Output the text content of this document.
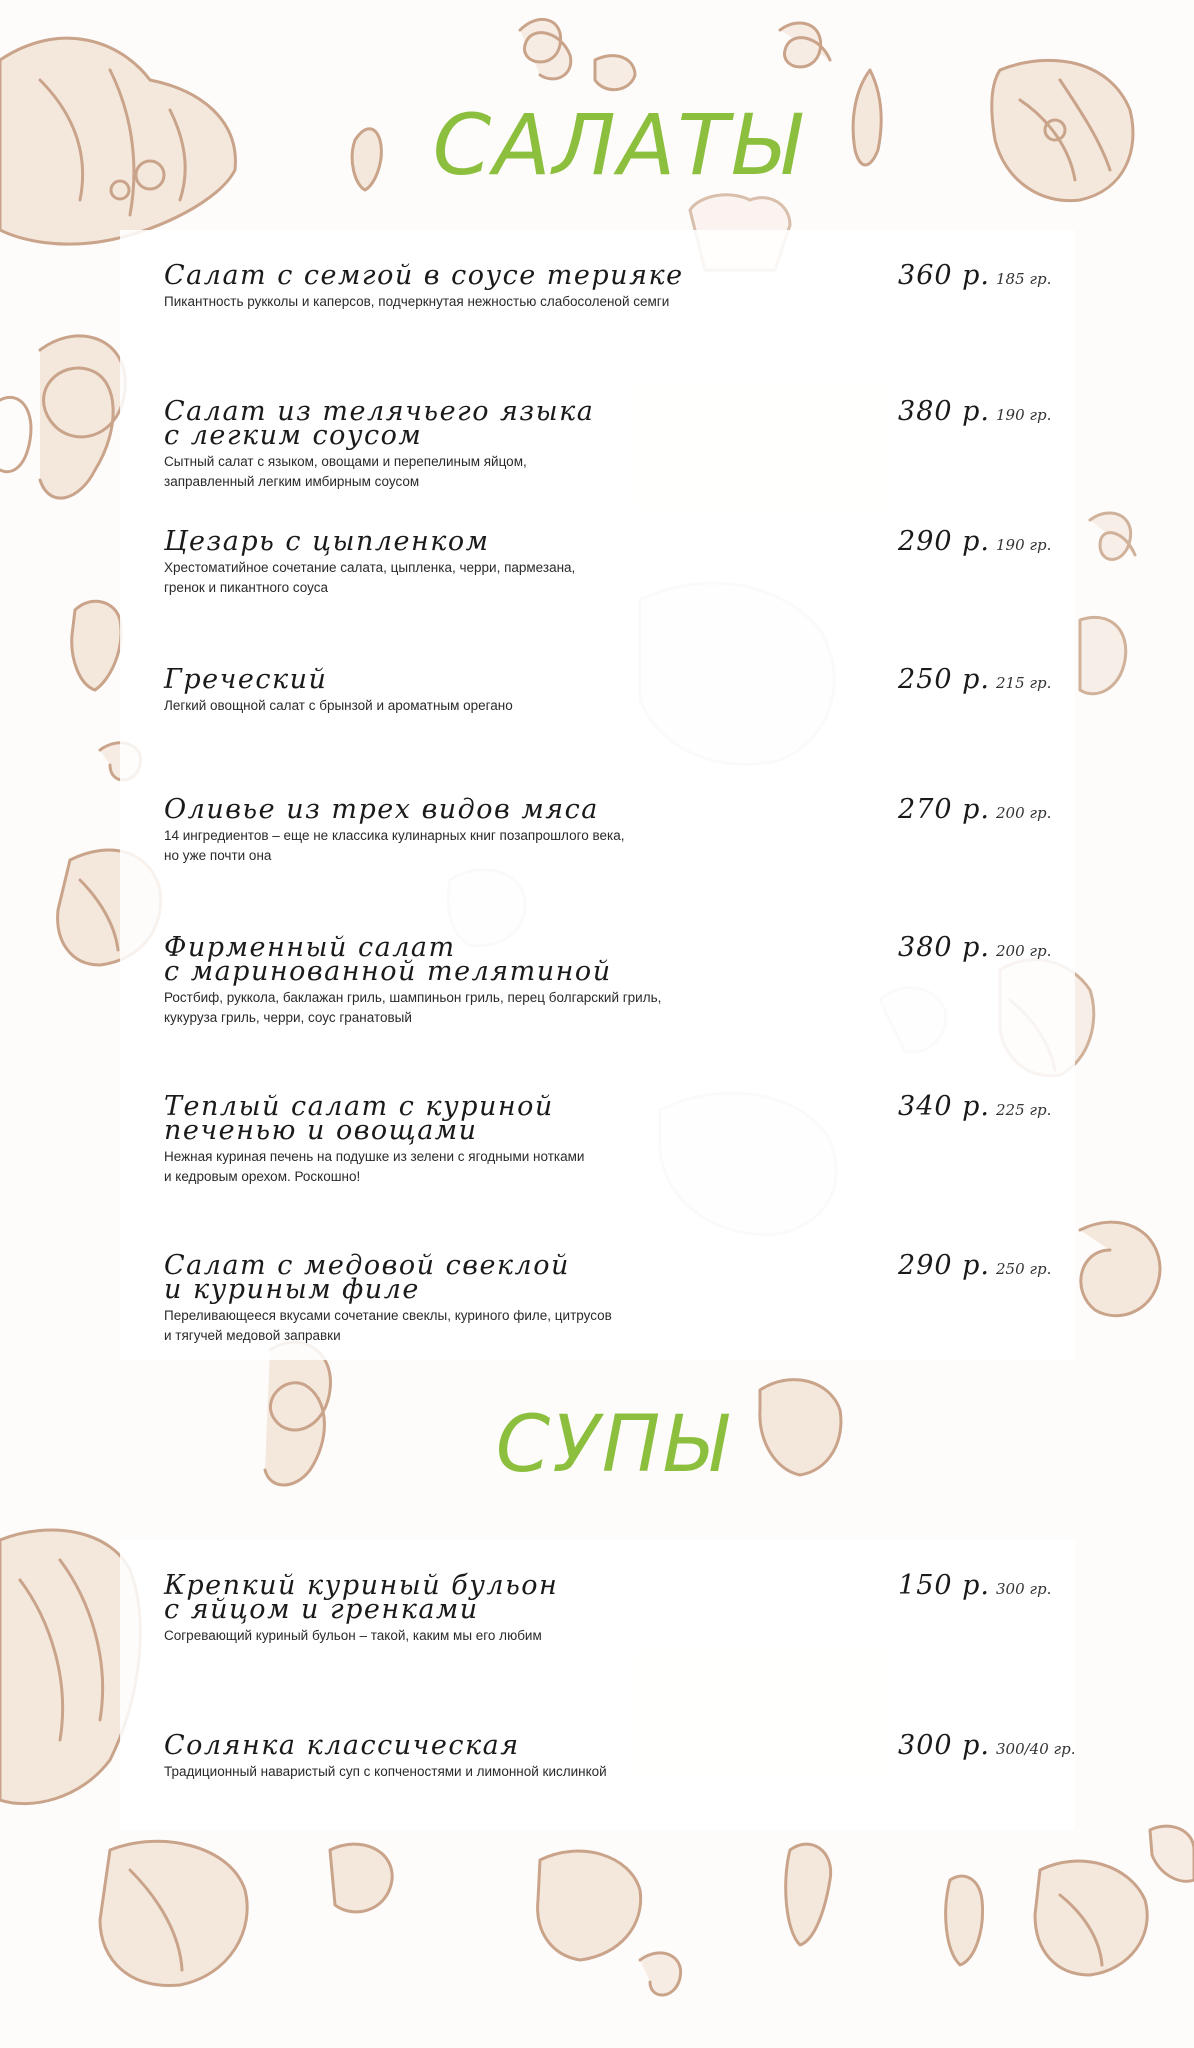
САЛАТЫ

Салат с семгой в соусе терияке

Пикантность рукколы и каперсов, подчеркнутая нежностью слабосоленой семги

360 р. 185 гр.

Салат из телячьего языка
с легким соусом

Сытный салат с языком, овощами и перепелиным яйцом,
заправленный легким имбирным соусом

380 р. 190 гр.

Цезарь с цыпленком

Хрестоматийное сочетание салата, цыпленка, черри, пармезана,
гренок и пикантного соуса

290 р. 190 гр.

Греческий

Легкий овощной салат с брынзой и ароматным орегано

250 р. 215 гр.

Оливье из трех видов мяса

14 ингредиентов – еще не классика кулинарных книг позапрошлого века,
но уже почти она

270 р. 200 гр.

Фирменный салат
с маринованной телятиной

Ростбиф, руккола, баклажан гриль, шампиньон гриль, перец болгарский гриль,
кукуруза гриль, черри, соус гранатовый

380 р. 200 гр.

Теплый салат с куриной
печенью и овощами

Нежная куриная печень на подушке из зелени с ягодными нотками
и кедровым орехом. Роскошно!

340 р. 225 гр.

Салат с медовой свеклой
и куриным филе

Переливающееся вкусами сочетание свеклы, куриного филе, цитрусов
и тягучей медовой заправки

290 р. 250 гр.
СУПЫ

Крепкий куриный бульон
с яйцом и гренками

Согревающий куриный бульон – такой, каким мы его любим

150 р. 300 гр.

Солянка классическая

Традиционный наваристый суп с копченостями и лимонной кислинкой

300 р. 300/40 гр.
